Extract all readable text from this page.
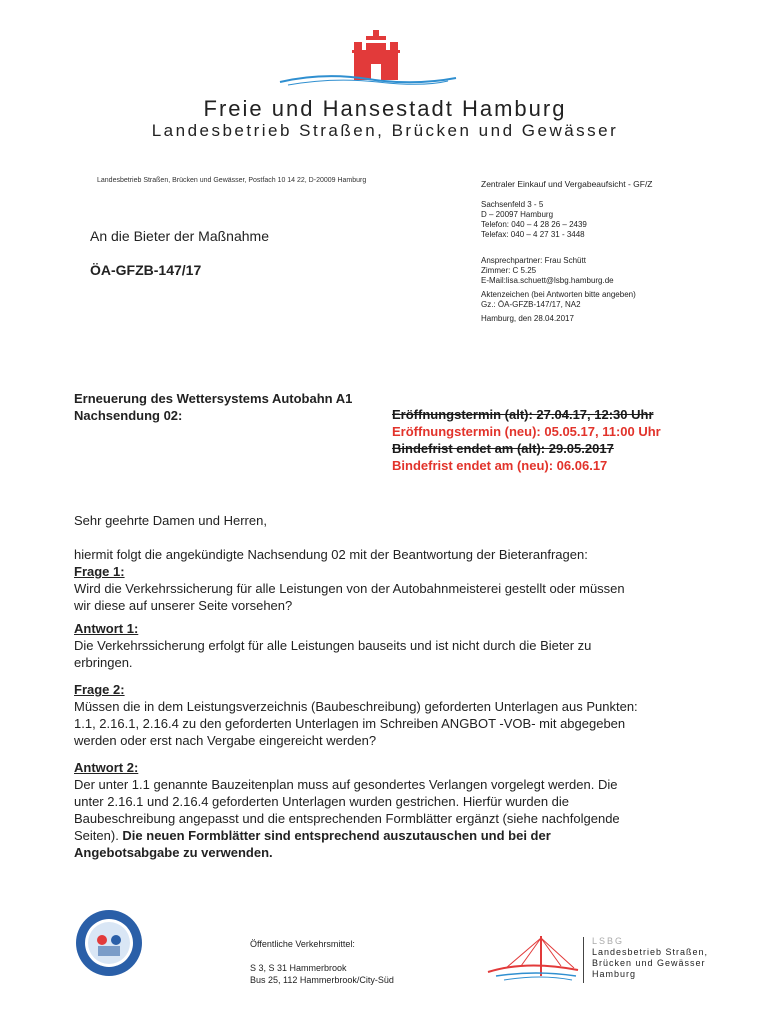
Freie und Hansestadt Hamburg
Landesbetrieb Straßen, Brücken und Gewässer
Landesbetrieb Straßen, Brücken und Gewässer, Postfach 10 14 22, D-20009 Hamburg	Zentraler Einkauf und Vergabeaufsicht - GF/Z
Sachsenfeld 3 - 5
D – 20097 Hamburg
Telefon: 040 – 4 28 26 – 2439
Telefax: 040 – 4 27 31 - 3448
Ansprechpartner: Frau Schütt
Zimmer: C 5.25
E-Mail:lisa.schuett@lsbg.hamburg.de
Aktenzeichen (bei Antworten bitte angeben)
Gz.: ÖA-GFZB-147/17, NA2
Hamburg, den 28.04.2017
An die Bieter der Maßnahme
ÖA-GFZB-147/17
Erneuerung des Wettersystems Autobahn A1
Nachsendung 02:	Eröffnungstermin (alt): 27.04.17, 12:30 Uhr
Eröffnungstermin (neu): 05.05.17, 11:00 Uhr
Bindefrist endet am (alt): 29.05.2017
Bindefrist endet am (neu): 06.06.17
Sehr geehrte Damen und Herren,
hiermit folgt die angekündigte Nachsendung 02 mit der Beantwortung der Bieteranfragen:
Frage 1:
Wird die Verkehrssicherung für alle Leistungen von der Autobahnmeisterei gestellt oder müssen
wir diese auf unserer Seite vorsehen?
Antwort 1:
Die Verkehrssicherung erfolgt für alle Leistungen bauseits und ist nicht durch die Bieter zu
erbringen.
Frage 2:
Müssen die in dem Leistungsverzeichnis (Baubeschreibung) geforderten Unterlagen aus Punkten:
1.1, 2.16.1, 2.16.4 zu den geforderten Unterlagen im Schreiben ANGBOT -VOB- mit abgegeben
werden oder erst nach Vergabe eingereicht werden?
Antwort 2:
Der unter 1.1 genannte Bauzeitenplan muss auf gesondertes Verlangen vorgelegt werden. Die
unter 2.16.1 und 2.16.4 geforderten Unterlagen wurden gestrichen. Hierfür wurden die
Baubeschreibung angepasst und die entsprechenden Formblätter ergänzt (siehe nachfolgende
Seiten). Die neuen Formblätter sind entsprechend auszutauschen und bei der
Angebotsabgabe zu verwenden.
Öffentliche Verkehrsmittel:
S 3, S 31 Hammerbrook
Bus 25, 112 Hammerbrook/City-Süd
LSBG
Landesbetrieb Straßen,
Brücken und Gewässer
Hamburg
